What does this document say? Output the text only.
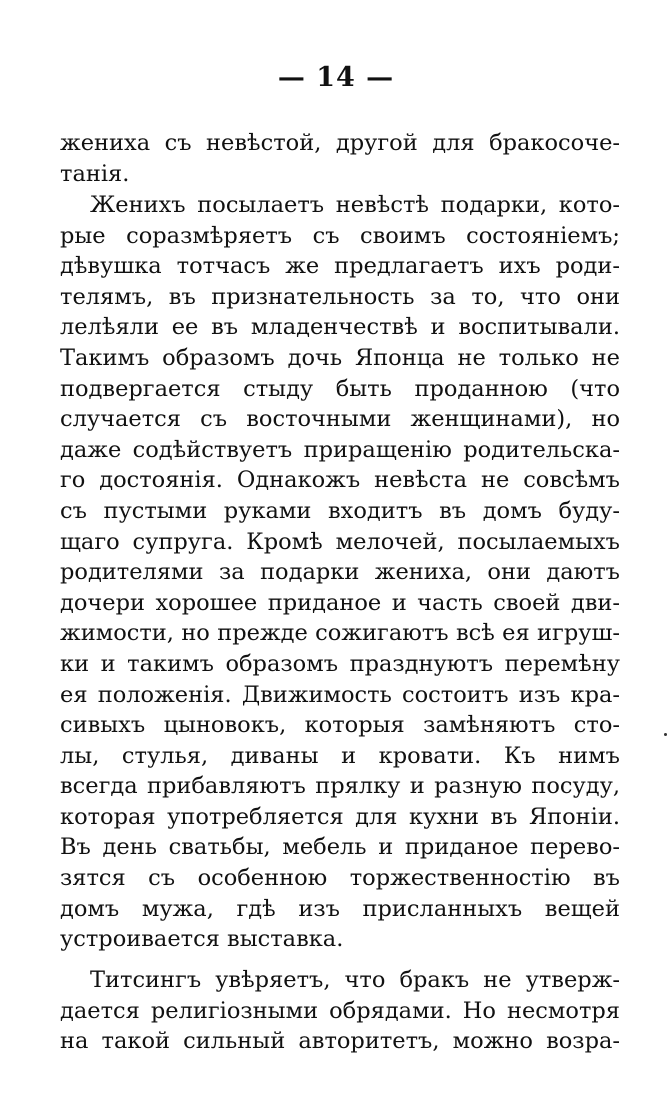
— 14 —
жениха съ невѣстой, другой для бракосоче-
танія.
Женихъ посылаетъ невѣстѣ подарки, кото-
рые соразмѣряетъ съ своимъ состояніемъ;
дѣвушка тотчасъ же предлагаетъ ихъ роди-
телямъ, въ признательность за то, что они
лелѣяли ее въ младенчествѣ и воспитывали.
Такимъ образомъ дочь Японца не только не
подвергается стыду быть проданною (что
случается съ восточными женщинами), но
даже содѣйствуетъ приращенію родительска-
го достоянія. Однакожъ невѣста не совсѣмъ
съ пустыми руками входитъ въ домъ буду-
щаго супруга. Кромѣ мелочей, посылаемыхъ
родителями за подарки жениха, они даютъ
дочери хорошее приданое и часть своей дви-
жимости, но прежде сожигаютъ всѣ ея игруш-
ки и такимъ образомъ празднуютъ перемѣну
ея положенія. Движимость состоитъ изъ кра-
сивыхъ цыновокъ, которыя замѣняютъ сто-
лы, стулья, диваны и кровати. Къ нимъ
всегда прибавляютъ прялку и разную посуду,
которая употребляется для кухни въ Японіи.
Въ день сватьбы, мебель и приданое перево-
зятся съ особенною торжественностію въ
домъ мужа, гдѣ изъ присланныхъ вещей
устроивается выставка.
Титсингъ увѣряетъ, что бракъ не утверж-
дается религіозными обрядами. Но несмотря
на такой сильный авторитетъ, можно возра-
